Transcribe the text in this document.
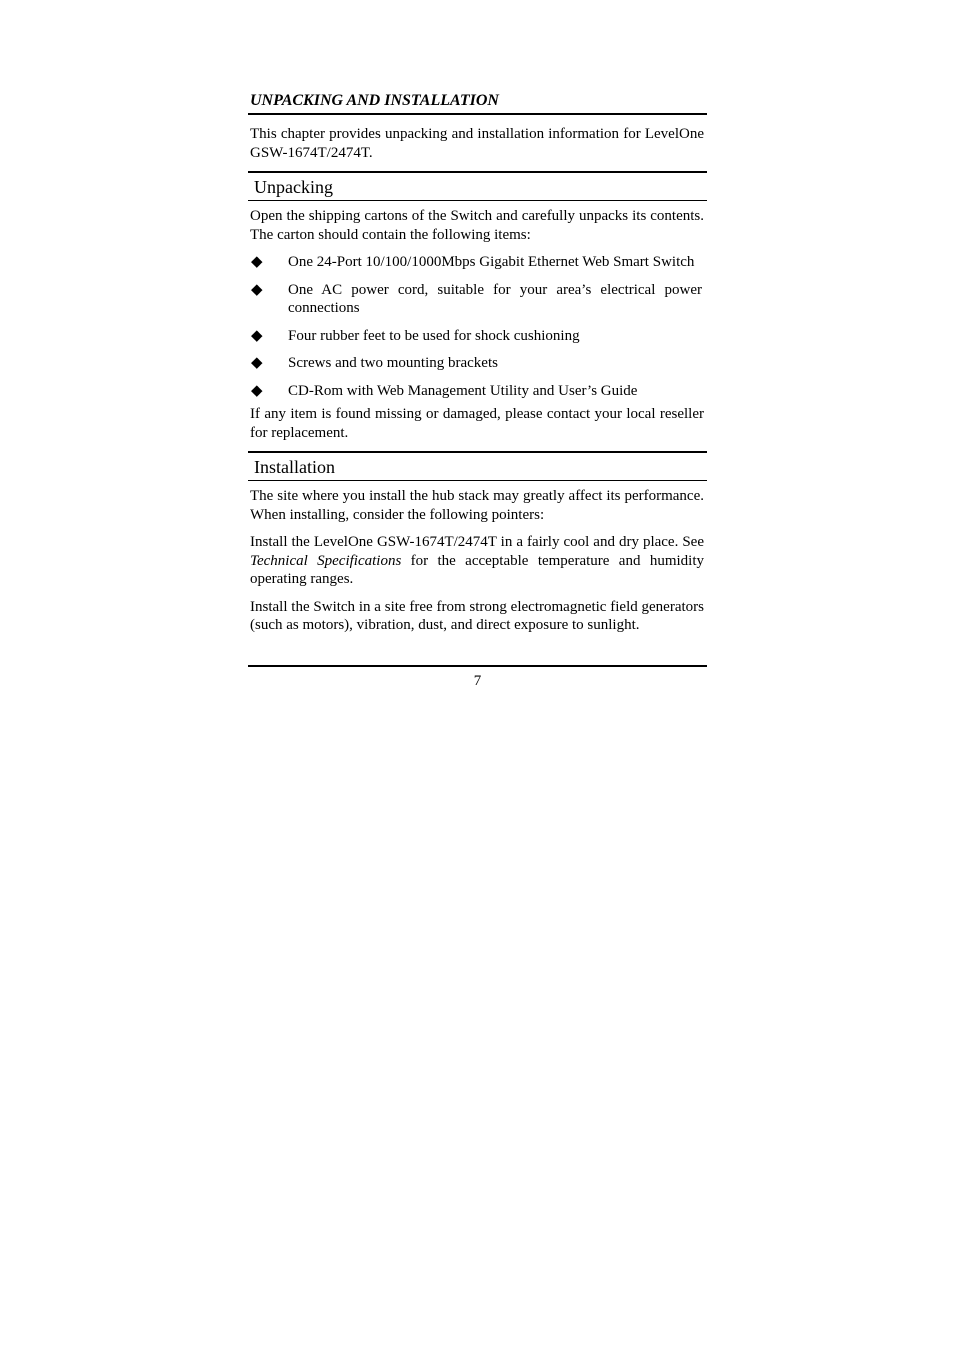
UNPACKING AND INSTALLATION

This chapter provides unpacking and installation information for LevelOne GSW-1674T/2474T.

Unpacking

Open the shipping cartons of the Switch and carefully unpacks its contents. The carton should contain the following items:

◆ One 24-Port 10/100/1000Mbps Gigabit Ethernet Web Smart Switch
◆ One AC power cord, suitable for your area’s electrical power connections
◆ Four rubber feet to be used for shock cushioning
◆ Screws and two mounting brackets
◆ CD-Rom with Web Management Utility and User’s Guide

If any item is found missing or damaged, please contact your local reseller for replacement.

Installation

The site where you install the hub stack may greatly affect its performance. When installing, consider the following pointers:

Install the LevelOne GSW-1674T/2474T in a fairly cool and dry place. See Technical Specifications for the acceptable temperature and humidity operating ranges.

Install the Switch in a site free from strong electromagnetic field generators (such as motors), vibration, dust, and direct exposure to sunlight.

7
